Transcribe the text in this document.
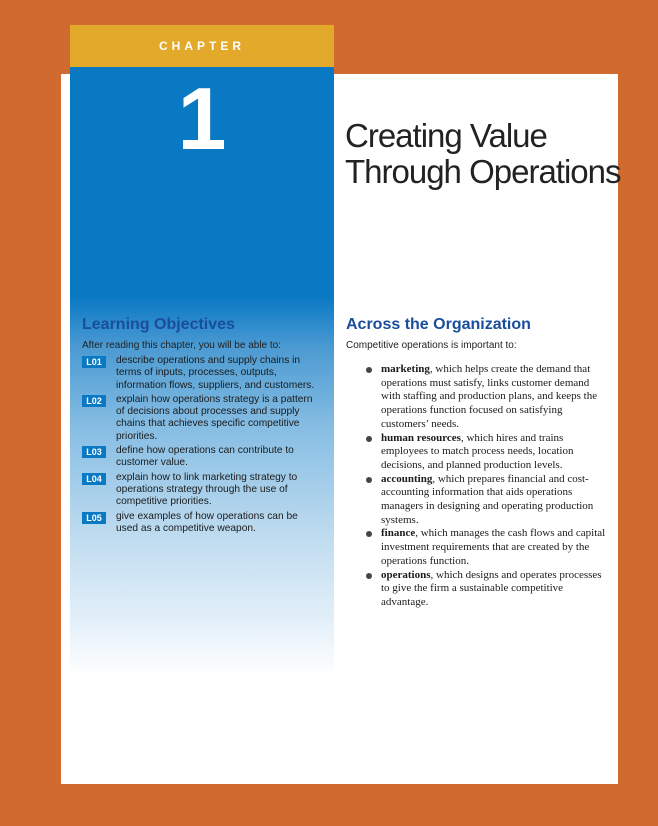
1
CHAPTER
Creating Value
Through Operations
Learning Objectives
After reading this chapter, you will be able to:
L01	describe operations and supply chains in terms of inputs, processes, outputs, information flows, suppliers, and customers.
L02	explain how operations strategy is a pattern of decisions about processes and supply chains that achieves specific competitive priorities.
L03	define how operations can contribute to customer value.
L04	explain how to link marketing strategy to operations strategy through the use of competitive priorities.
L05	give examples of how operations can be used as a competitive weapon.
Across the Organization
Competitive operations is important to:
marketing, which helps create the demand that operations must satisfy, links customer demand with staffing and production plans, and keeps the operations function focused on satisfying customers’ needs.
human resources, which hires and trains employees to match process needs, location decisions, and planned production levels.
accounting, which prepares financial and cost-accounting information that aids operations managers in designing and operating production systems.
finance, which manages the cash flows and capital investment requirements that are created by the operations function.
operations, which designs and operates processes to give the firm a sustainable competitive advantage.
